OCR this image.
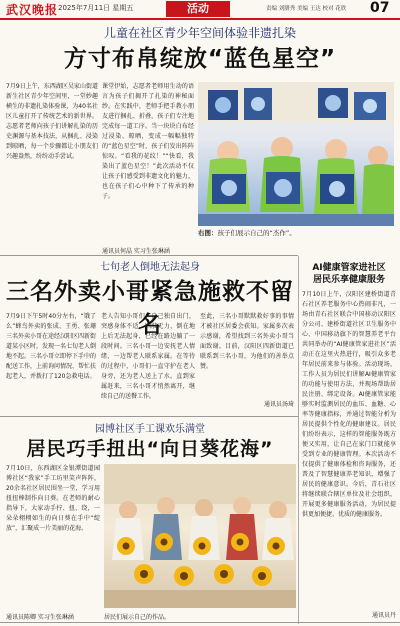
武汉晚报 2025年7月11日 星期五	活动	责编 刘腊秀 美编 王达 校对 花欣 07
儿童在社区青少年空间体验非遗扎染
方寸布帛绽放“蓝色星空”
7月9日上午，东西湖区吴家山街道新生社区青少年空间里，一堂妙趣横生的非遗扎染体验课，为40名社区儿童打开了传统艺术的新世界。志愿者老师向孩子们讲解扎染的历史渊源与基本技法，从捆扎、浸染到晾晒，每一个步骤都让小朋友们兴趣盎然，纷纷动手尝试。
课堂伊始，志愿者老师用生动的语言为孩子们揭开了扎染的神秘面纱。在实践中，老师手把手教小朋友进行捆扎、折叠，孩子们专注地完成每一道工序。当一块块白布经过浸染、晾晒，变成一幅幅独特的“蓝色星空”时，孩子们发出阵阵惊叹。“看我的花纹！”“快看，我染出了蓝色星空！”此次活动不仅让孩子们感受到非遗文化的魅力，也在孩子们心中种下了传承的种子。
通讯员何晶 实习生张琳涵
右图：孩子们展示自己的“杰作”。
七旬老人倒地无法起身
三名外卖小哥紧急施救不留名
7月9日下午5时40分左右，“饿了么”蜂鸟外卖的张成、王勇、张珊三名外卖小哥在途经汉阳区四新街道某小区时，发现一名七旬老人倒地不起。三名小哥立即停下手中的配送工作，上前询问情况、帮忙扶起老人，并拨打了120急救电话。
老人告知小哥们，自己独自出门，突感身体不适、四肢无力，倒在地上后无法起身，已经在路边躺了一段时间。三名小哥一边安抚老人情绪，一边帮老人联系家属。在等待的过程中，小哥们一直守护在老人身旁，还为老人送上了水。直到家属赶来，三名小哥才悄然离开，继续自己的送餐工作。
至此，三名小哥默默救好事的事情才被社区居委会获知。家属多次表示感谢，希望找到三名外卖小哥当面致谢。目前，汉阳区四新街道已联系到三名小哥，为他们的善举点赞。
通讯员汤琦
AI健康管家进社区
居民乐享健康服务
7月10日上午，汉阳区建桥街道青石社区养老服务中心热闹非凡，一场由青石社区联合中国移动汉阳区分公司、建桥街道社区卫生服务中心、中国移动旗下的智慧养老平台共同举办的“AI健康管家进社区”活动正在这里火热进行，吸引众多老年居民前来参与体验。活动现场，工作人员为居民们讲解AI健康管家的功能与使用方法，并现场帮助居民注册、绑定设备。AI健康管家能够实时监测居民的血压、血糖、心率等健康指标，并通过智能分析为居民提供个性化的健康建议。居民们纷纷表示，这样的智能服务既方便又实用，让自己在家门口就能享受到专业的健康管理。本次活动不仅提供了健康体检和咨询服务，还普及了智慧健康养老知识，增强了居民的健康意识。今后，青石社区将继续联合辖区单位及社会组织，开展更多健康服务活动，为居民提供更加便捷、优质的健康服务。
通讯员丹
园博社区手工课欢乐满堂
居民巧手扭出“向日葵花海”
7月10日，东西湖区金银潭街道园博社区“我家”手工坊里笑声阵阵，20余名社区居民围坐一堂，学习用扭扭棒制作向日葵。在老师的耐心指导下，大家动手拧、扭、绕，一朵朵栩栩如生的向日葵在手中“绽放”，汇聚成一片美丽的花海。
通讯员陈卿 实习生张琳涵	居民们展示自己的作品。
